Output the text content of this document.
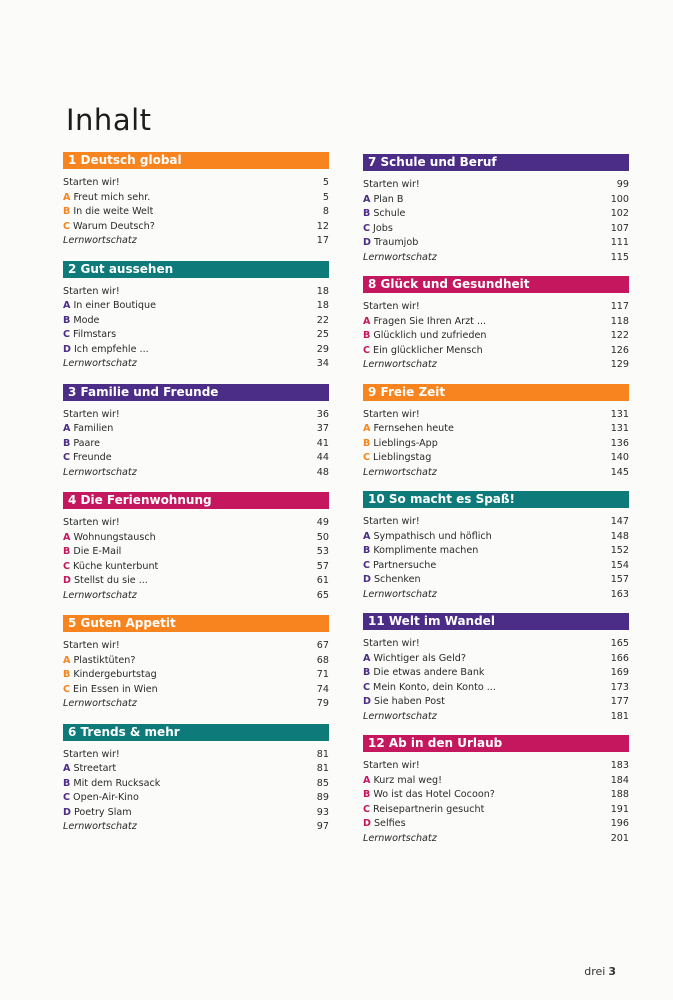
Inhalt
1 Deutsch global
Starten wir!	5
A Freut mich sehr.	5
B In die weite Welt	8
C Warum Deutsch?	12
Lernwortschatz	17
2 Gut aussehen
Starten wir!	18
A In einer Boutique	18
B Mode	22
C Filmstars	25
D Ich empfehle ...	29
Lernwortschatz	34
3 Familie und Freunde
Starten wir!	36
A Familien	37
B Paare	41
C Freunde	44
Lernwortschatz	48
4 Die Ferienwohnung
Starten wir!	49
A Wohnungstausch	50
B Die E-Mail	53
C Küche kunterbunt	57
D Stellst du sie ...	61
Lernwortschatz	65
5 Guten Appetit
Starten wir!	67
A Plastiktüten?	68
B Kindergeburtstag	71
C Ein Essen in Wien	74
Lernwortschatz	79
6 Trends & mehr
Starten wir!	81
A Streetart	81
B Mit dem Rucksack	85
C Open-Air-Kino	89
D Poetry Slam	93
Lernwortschatz	97
7 Schule und Beruf
Starten wir!	99
A Plan B	100
B Schule	102
C Jobs	107
D Traumjob	111
Lernwortschatz	115
8 Glück und Gesundheit
Starten wir!	117
A Fragen Sie Ihren Arzt ...	118
B Glücklich und zufrieden	122
C Ein glücklicher Mensch	126
Lernwortschatz	129
9 Freie Zeit
Starten wir!	131
A Fernsehen heute	131
B Lieblings-App	136
C Lieblingstag	140
Lernwortschatz	145
10 So macht es Spaß!
Starten wir!	147
A Sympathisch und höflich	148
B Komplimente machen	152
C Partnersuche	154
D Schenken	157
Lernwortschatz	163
11 Welt im Wandel
Starten wir!	165
A Wichtiger als Geld?	166
B Die etwas andere Bank	169
C Mein Konto, dein Konto ...	173
D Sie haben Post	177
Lernwortschatz	181
12 Ab in den Urlaub
Starten wir!	183
A Kurz mal weg!	184
B Wo ist das Hotel Cocoon?	188
C Reisepartnerin gesucht	191
D Selfies	196
Lernwortschatz	201
drei 3
